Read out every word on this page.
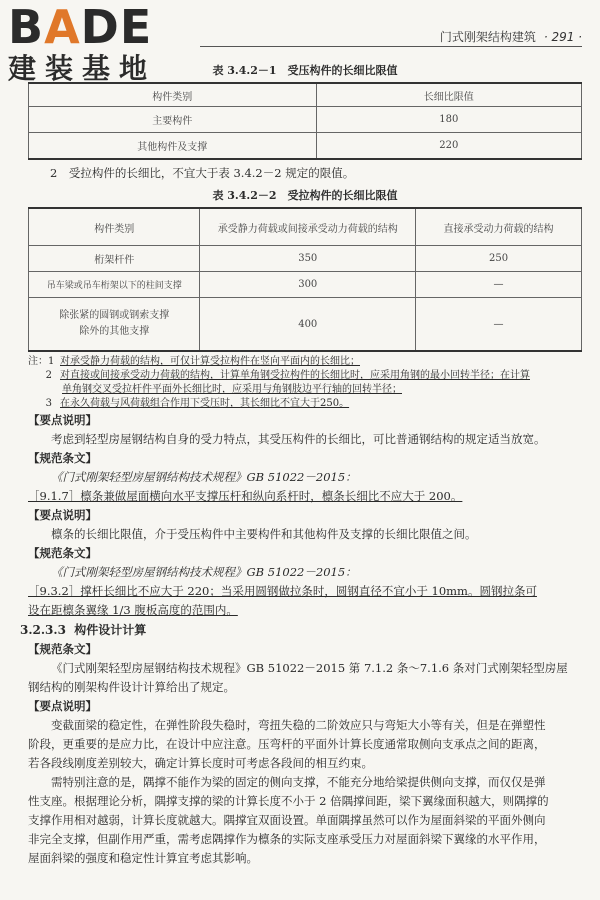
BADE
建装基地
门式刚架结构建筑 · 291 ·
表 3.4.2－1　受压构件的长细比限值
构件类别	长细比限值
主要构件	180
其他构件及支撑	220
2　受拉构件的长细比，不宜大于表 3.4.2－2 规定的限值。
表 3.4.2－2　受拉构件的长细比限值
构件类别	承受静力荷载或间接承受动力荷载的结构	直接承受动力荷载的结构
桁架杆件	350	250
吊车梁或吊车桁架以下的柱间支撑	300	—
除张紧的圆钢或钢索支撑
除外的其他支撑	400	—
注：1 对承受静力荷载的结构，可仅计算受拉构件在竖向平面内的长细比；
2 对直接或间接承受动力荷载的结构，计算单角钢受拉构件的长细比时，应采用角钢的最小回转半径；在计算
单角钢交叉受拉杆件平面外长细比时，应采用与角钢肢边平行轴的回转半径；
3 在永久荷载与风荷载组合作用下受压时，其长细比不宜大于250。
【要点说明】
考虑到轻型房屋钢结构自身的受力特点，其受压构件的长细比，可比普通钢结构的规定适当放宽。
【规范条文】
《门式刚架轻型房屋钢结构技术规程》GB 51022－2015：
［9.1.7］檩条兼做屋面横向水平支撑压杆和纵向系杆时，檩条长细比不应大于 200。
【要点说明】
檩条的长细比限值，介于受压构件中主要构件和其他构件及支撑的长细比限值之间。
【规范条文】
《门式刚架轻型房屋钢结构技术规程》GB 51022－2015：
［9.3.2］撑杆长细比不应大于 220；当采用圆钢做拉条时，圆钢直径不宜小于 10mm。圆钢拉条可
设在距檩条翼缘 1/3 腹板高度的范围内。
3.2.3.3 构件设计计算
【规范条文】
《门式刚架轻型房屋钢结构技术规程》GB 51022－2015 第 7.1.2 条～7.1.6 条对门式刚架轻型房屋
钢结构的刚架构件设计计算给出了规定。
【要点说明】
变截面梁的稳定性，在弹性阶段失稳时，弯扭失稳的二阶效应只与弯矩大小等有关，但是在弹塑性
阶段，更重要的是应力比，在设计中应注意。压弯杆的平面外计算长度通常取侧向支承点之间的距离，
若各段线刚度差别较大，确定计算长度时可考虑各段间的相互约束。
需特别注意的是，隅撑不能作为梁的固定的侧向支撑，不能充分地给梁提供侧向支撑，而仅仅是弹
性支座。根据理论分析，隅撑支撑的梁的计算长度不小于 2 倍隅撑间距，梁下翼缘面积越大，则隅撑的
支撑作用相对越弱，计算长度就越大。隅撑宜双面设置。单面隅撑虽然可以作为屋面斜梁的平面外侧向
非完全支撑，但副作用严重，需考虑隅撑作为檩条的实际支座承受压力对屋面斜梁下翼缘的水平作用，
屋面斜梁的强度和稳定性计算宜考虑其影响。
